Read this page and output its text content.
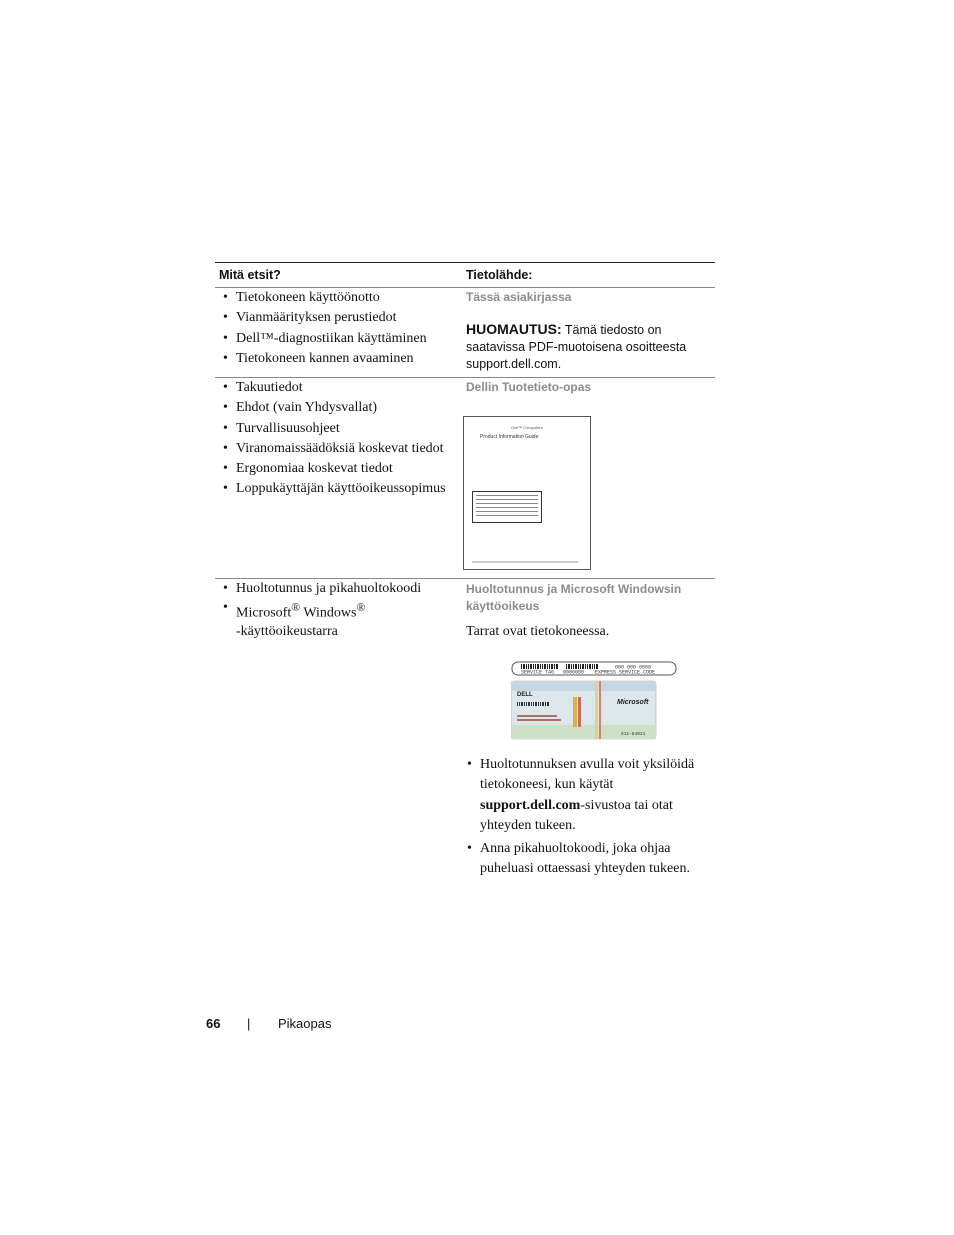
Mitä etsit?	Tietolähde:
• Tietokoneen käyttöönotto
• Vianmäärityksen perustiedot
• Dell™-diagnostiikan käyttäminen
• Tietokoneen kannen avaaminen
Tässä asiakirjassa
HUOMAUTUS: Tämä tiedosto on saatavissa PDF-muotoisena osoitteesta support.dell.com.
• Takuutiedot
• Ehdot (vain Yhdysvallat)
• Turvallisuusohjeet
• Viranomaissäädöksiä koskevat tiedot
• Ergonomiaa koskevat tiedot
• Loppukäyttäjän käyttöoikeussopimus
Dellin Tuotetieto-opas
Dell™ Computers
Product Information Guide
• Huoltotunnus ja pikahuoltokoodi
• Microsoft® Windows®
-käyttöoikeustarra
Huoltotunnus ja Microsoft Windowsin käyttöoikeus
Tarrat ovat tietokoneessa.
SERVICE TAG 0000000
000 000 0000
EXPRESS SERVICE CODE
DELL
Microsoft
X11-84021
• Huoltotunnuksen avulla voit yksilöidä tietokoneesi, kun käytät support.dell.com-sivustoa tai otat yhteyden tukeen.
• Anna pikahuoltokoodi, joka ohjaa puheluasi ottaessasi yhteyden tukeen.
66 | Pikaopas
